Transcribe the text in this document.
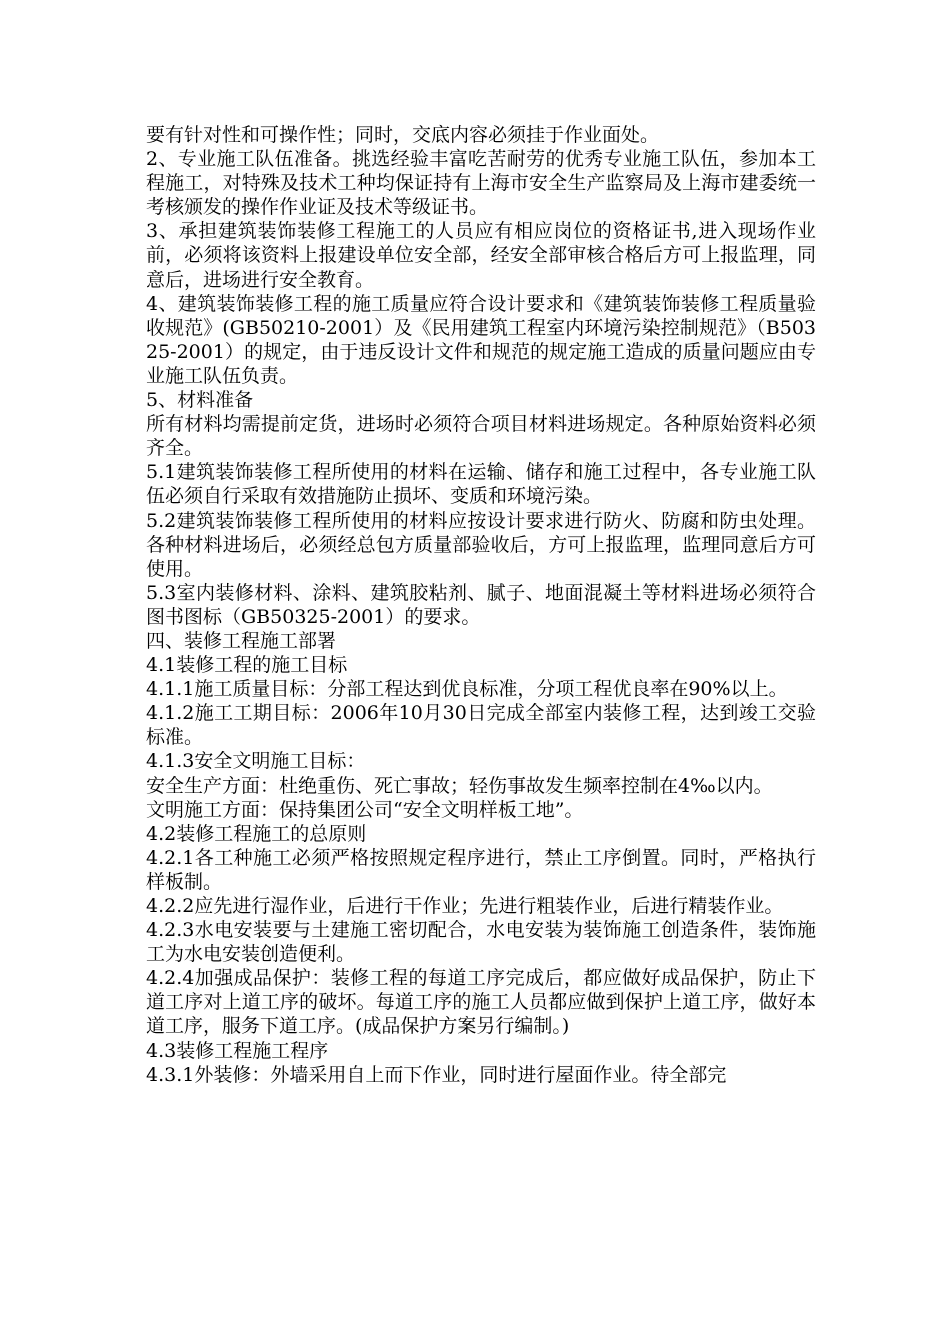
要有针对性和可操作性；同时，交底内容必须挂于作业面处。

2、专业施工队伍准备。挑选经验丰富吃苦耐劳的优秀专业施工队伍，参加本工程施工，对特殊及技术工种均保证持有上海市安全生产监察局及上海市建委统一考核颁发的操作作业证及技术等级证书。

3、承担建筑装饰装修工程施工的人员应有相应岗位的资格证书,进入现场作业前，必须将该资料上报建设单位安全部，经安全部审核合格后方可上报监理，同意后，进场进行安全教育。

4、建筑装饰装修工程的施工质量应符合设计要求和《建筑装饰装修工程质量验收规范》(GB50210-2001）及《民用建筑工程室内环境污染控制规范》（B50325-2001）的规定，由于违反设计文件和规范的规定施工造成的质量问题应由专业施工队伍负责。

5、材料准备

所有材料均需提前定货，进场时必须符合项目材料进场规定。各种原始资料必须齐全。

5.1建筑装饰装修工程所使用的材料在运输、储存和施工过程中，各专业施工队伍必须自行采取有效措施防止损坏、变质和环境污染。

5.2建筑装饰装修工程所使用的材料应按设计要求进行防火、防腐和防虫处理。各种材料进场后，必须经总包方质量部验收后，方可上报监理，监理同意后方可使用。

5.3室内装修材料、涂料、建筑胶粘剂、腻子、地面混凝土等材料进场必须符合图书图标（GB50325-2001）的要求。

四、装修工程施工部署

4.1装修工程的施工目标

4.1.1施工质量目标：分部工程达到优良标准，分项工程优良率在90%以上。

4.1.2施工工期目标：2006年10月30日完成全部室内装修工程，达到竣工交验标准。

4.1.3安全文明施工目标：

安全生产方面：杜绝重伤、死亡事故；轻伤事故发生频率控制在4‰以内。

文明施工方面：保持集团公司“安全文明样板工地”。

4.2装修工程施工的总原则

4.2.1各工种施工必须严格按照规定程序进行，禁止工序倒置。同时，严格执行样板制。

4.2.2应先进行湿作业，后进行干作业；先进行粗装作业，后进行精装作业。

4.2.3水电安装要与土建施工密切配合，水电安装为装饰施工创造条件，装饰施工为水电安装创造便利。

4.2.4加强成品保护：装修工程的每道工序完成后，都应做好成品保护，防止下道工序对上道工序的破坏。每道工序的施工人员都应做到保护上道工序，做好本道工序，服务下道工序。(成品保护方案另行编制。)

4.3装修工程施工程序

4.3.1外装修：外墙采用自上而下作业，同时进行屋面作业。待全部完
